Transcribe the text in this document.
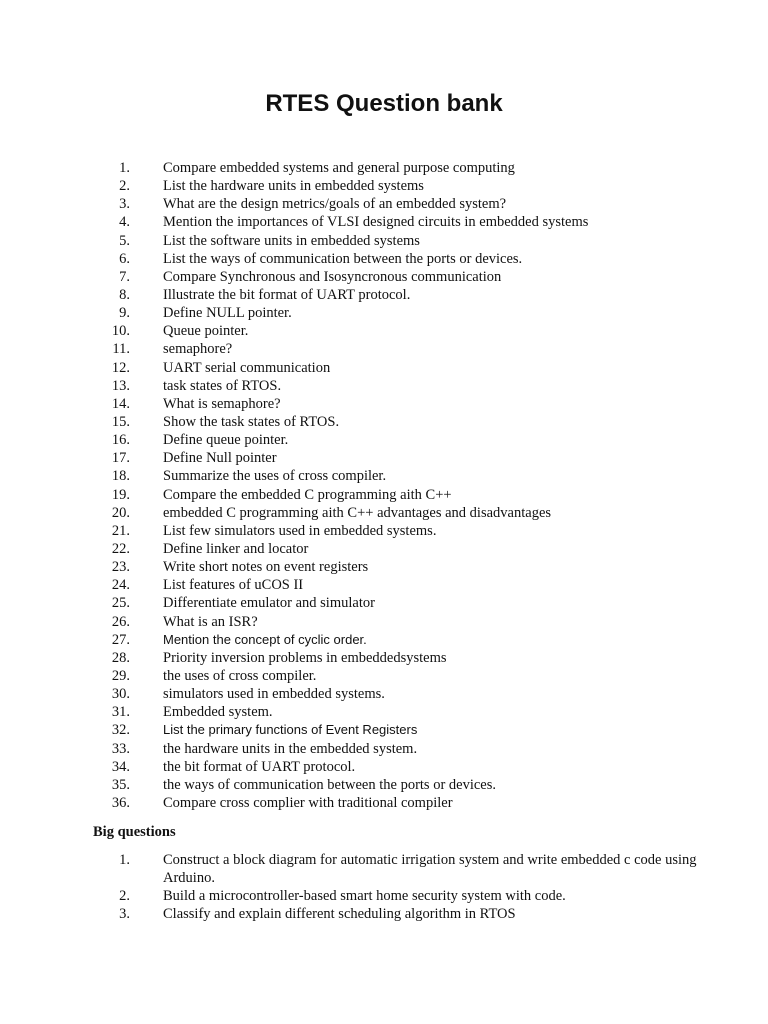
RTES Question bank
1. Compare embedded systems and general purpose computing
2. List the hardware units in embedded systems
3. What are the design metrics/goals of an embedded system?
4. Mention the importances of VLSI designed circuits in embedded systems
5. List the software units in embedded systems
6. List the ways of communication between the ports or devices.
7. Compare Synchronous and Isosyncronous communication
8. Illustrate the bit format of UART protocol.
9. Define NULL pointer.
10. Queue pointer.
11. semaphore?
12. UART serial communication
13. task states of RTOS.
14. What is semaphore?
15. Show the task states of RTOS.
16. Define queue pointer.
17. Define Null pointer
18. Summarize the uses of cross compiler.
19. Compare the embedded C programming aith C++
20. embedded C programming aith C++ advantages and disadvantages
21. List few simulators used in embedded systems.
22. Define linker and locator
23. Write short notes on event registers
24. List features of uCOS II
25. Differentiate emulator and simulator
26. What is an ISR?
27.	Mention the concept of cyclic order.
28. Priority inversion problems in embeddedsystems
29. the uses of cross compiler.
30. simulators used in embedded systems.
31. Embedded system.
32.	List the primary functions of Event Registers
33. the hardware units in the embedded system.
34. the bit format of UART protocol.
35. the ways of communication between the ports or devices.
36. Compare cross complier with traditional compiler
Big questions
1. Construct a block diagram for automatic irrigation system and write embedded c code using Arduino.
2. Build a microcontroller-based smart home security system with code.
3. Classify and explain different scheduling algorithm in RTOS
